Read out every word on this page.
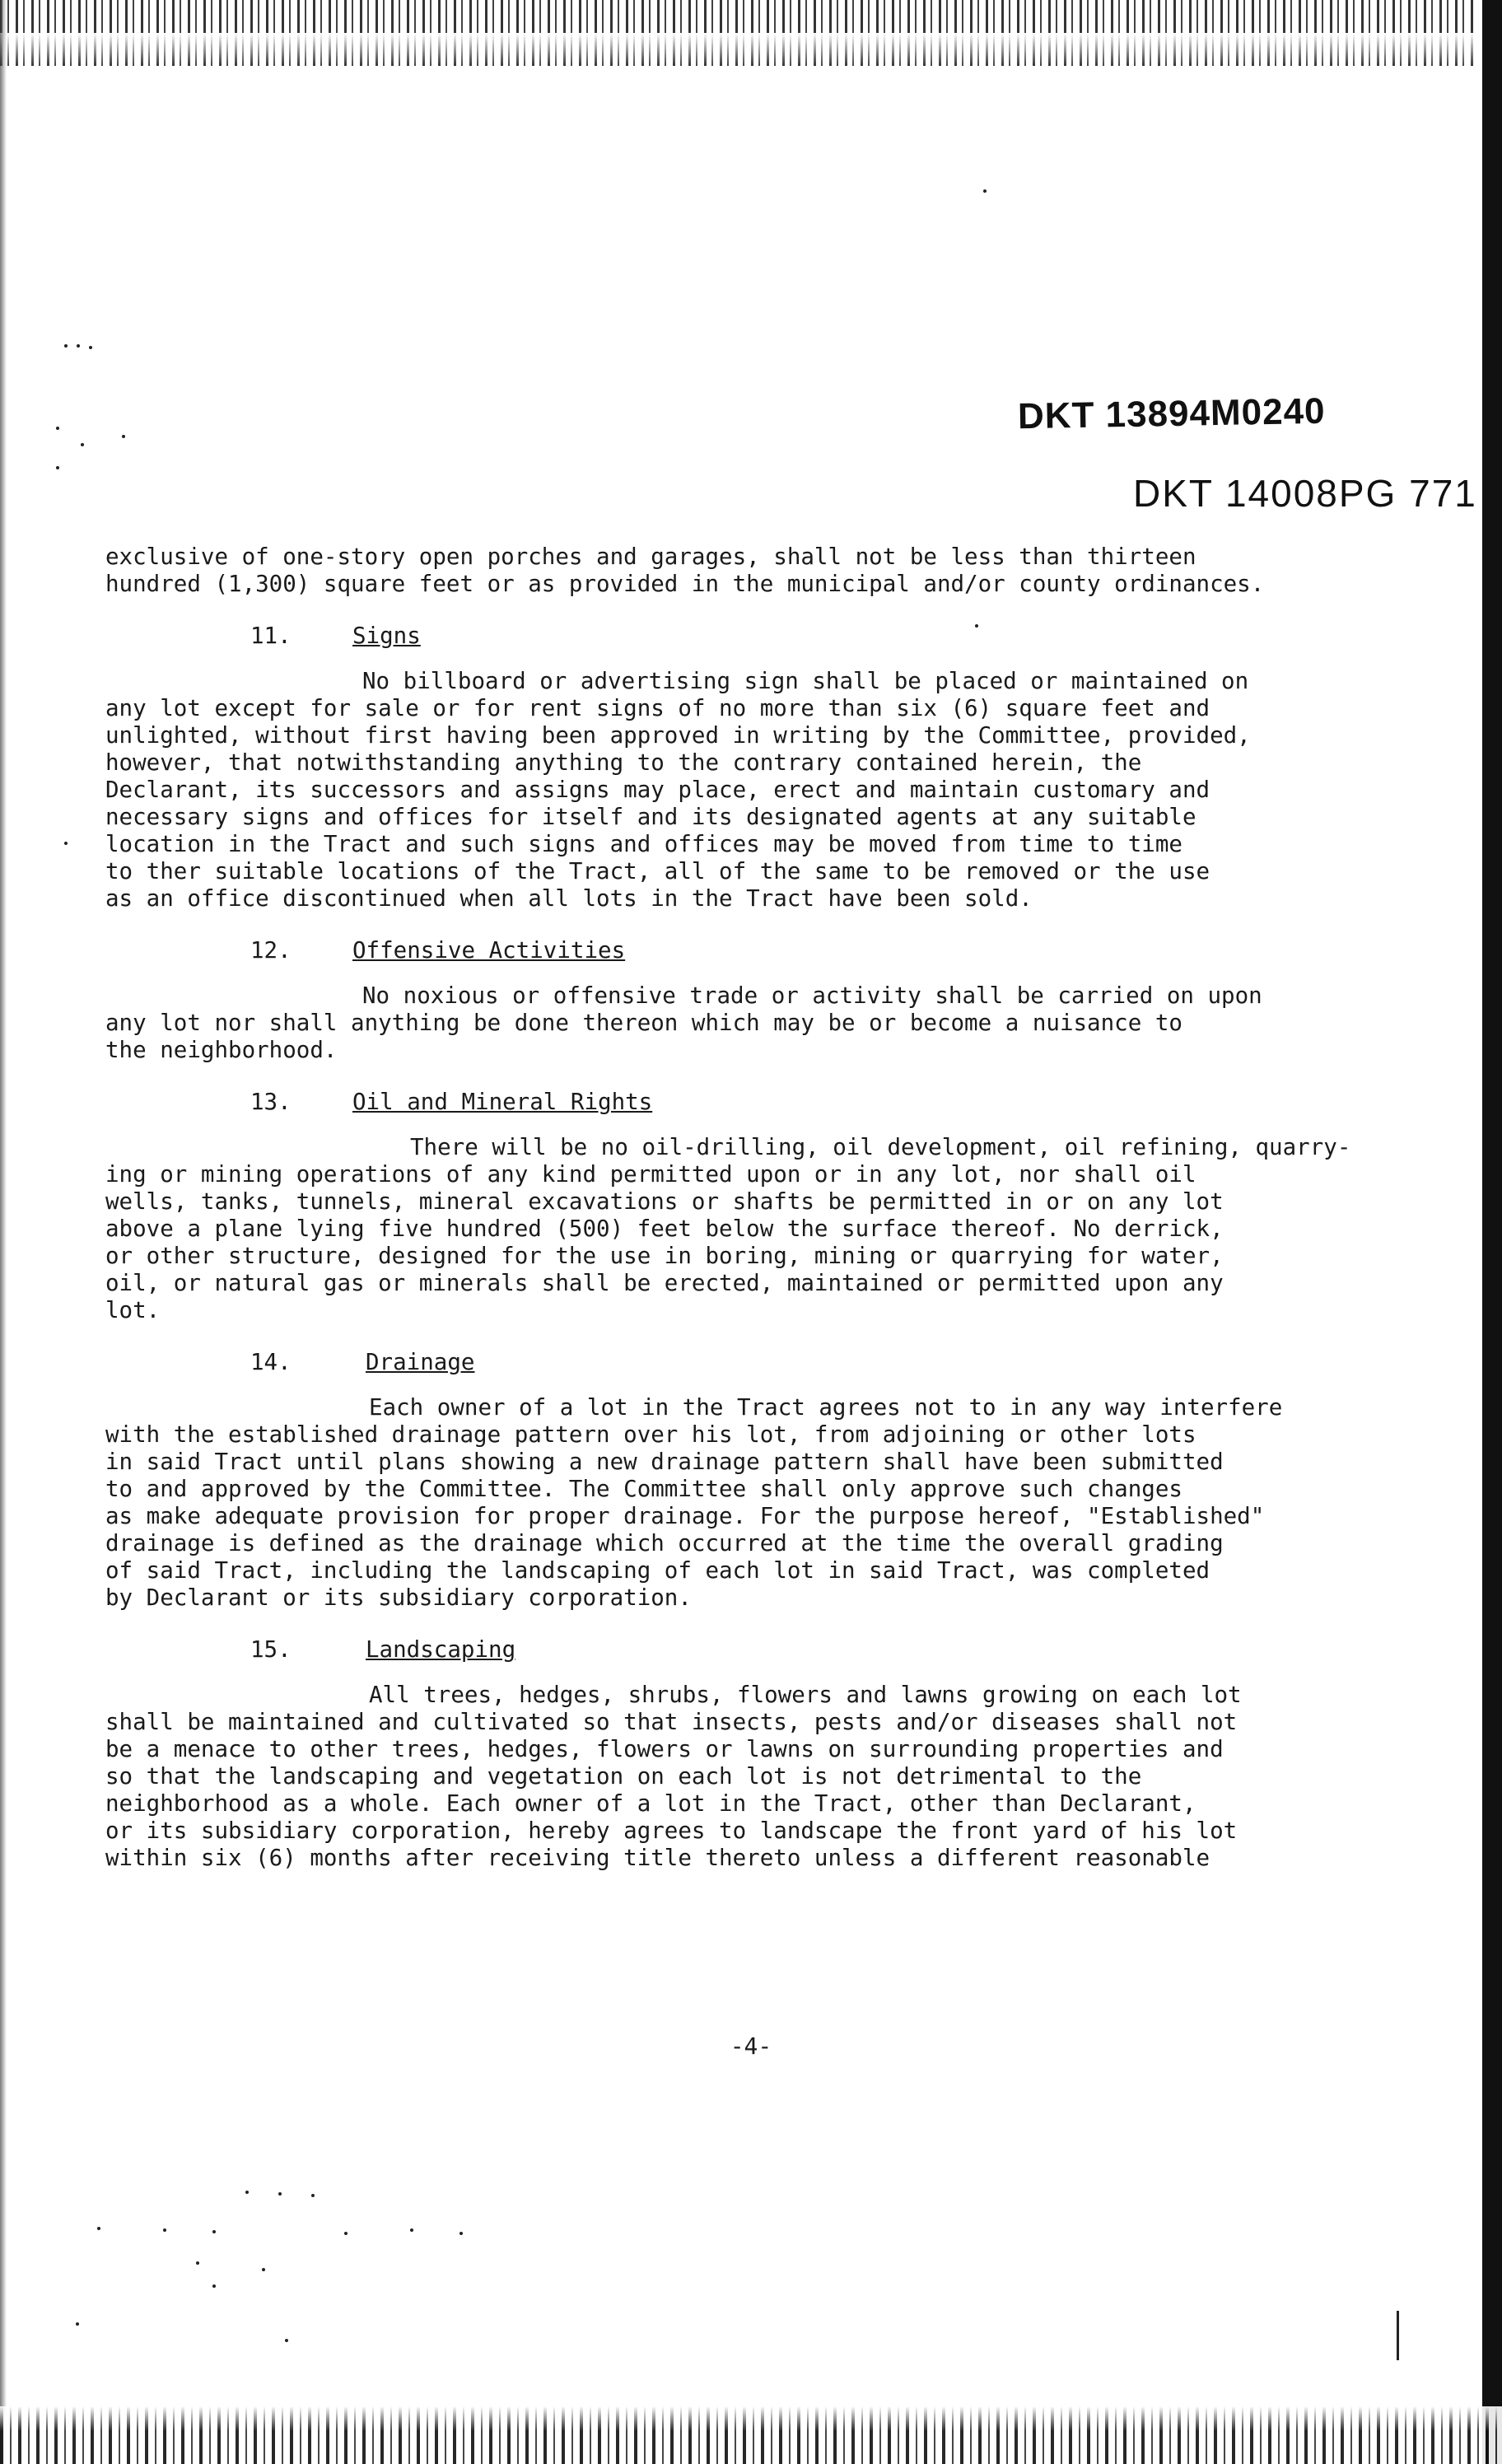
DKT 13894M0240
DKT 14008PG 771

exclusive of one-story open porches and garages, shall not be less than thirteen
hundred (1,300) square feet or as provided in the municipal and/or county ordinances.

11.	Signs

No billboard or advertising sign shall be placed or maintained on
any lot except for sale or for rent signs of no more than six (6) square feet and
unlighted, without first having been approved in writing by the Committee, provided,
however, that notwithstanding anything to the contrary contained herein, the
Declarant, its successors and assigns may place, erect and maintain customary and
necessary signs and offices for itself and its designated agents at any suitable
location in the Tract and such signs and offices may be moved from time to time
to ther suitable locations of the Tract, all of the same to be removed or the use
as an office discontinued when all lots in the Tract have been sold.

12.	Offensive Activities

No noxious or offensive trade or activity shall be carried on upon
any lot nor shall anything be done thereon which may be or become a nuisance to
the neighborhood.

13.	Oil and Mineral Rights

There will be no oil-drilling, oil development, oil refining, quarry-
ing or mining operations of any kind permitted upon or in any lot, nor shall oil
wells, tanks, tunnels, mineral excavations or shafts be permitted in or on any lot
above a plane lying five hundred (500) feet below the surface thereof. No derrick,
or other structure, designed for the use in boring, mining or quarrying for water,
oil, or natural gas or minerals shall be erected, maintained or permitted upon any
lot.

14.	Drainage

Each owner of a lot in the Tract agrees not to in any way interfere
with the established drainage pattern over his lot, from adjoining or other lots
in said Tract until plans showing a new drainage pattern shall have been submitted
to and approved by the Committee. The Committee shall only approve such changes
as make adequate provision for proper drainage. For the purpose hereof, "Established"
drainage is defined as the drainage which occurred at the time the overall grading
of said Tract, including the landscaping of each lot in said Tract, was completed
by Declarant or its subsidiary corporation.

15.	Landscaping

All trees, hedges, shrubs, flowers and lawns growing on each lot
shall be maintained and cultivated so that insects, pests and/or diseases shall not
be a menace to other trees, hedges, flowers or lawns on surrounding properties and
so that the landscaping and vegetation on each lot is not detrimental to the
neighborhood as a whole. Each owner of a lot in the Tract, other than Declarant,
or its subsidiary corporation, hereby agrees to landscape the front yard of his lot
within six (6) months after receiving title thereto unless a different reasonable

-4-
